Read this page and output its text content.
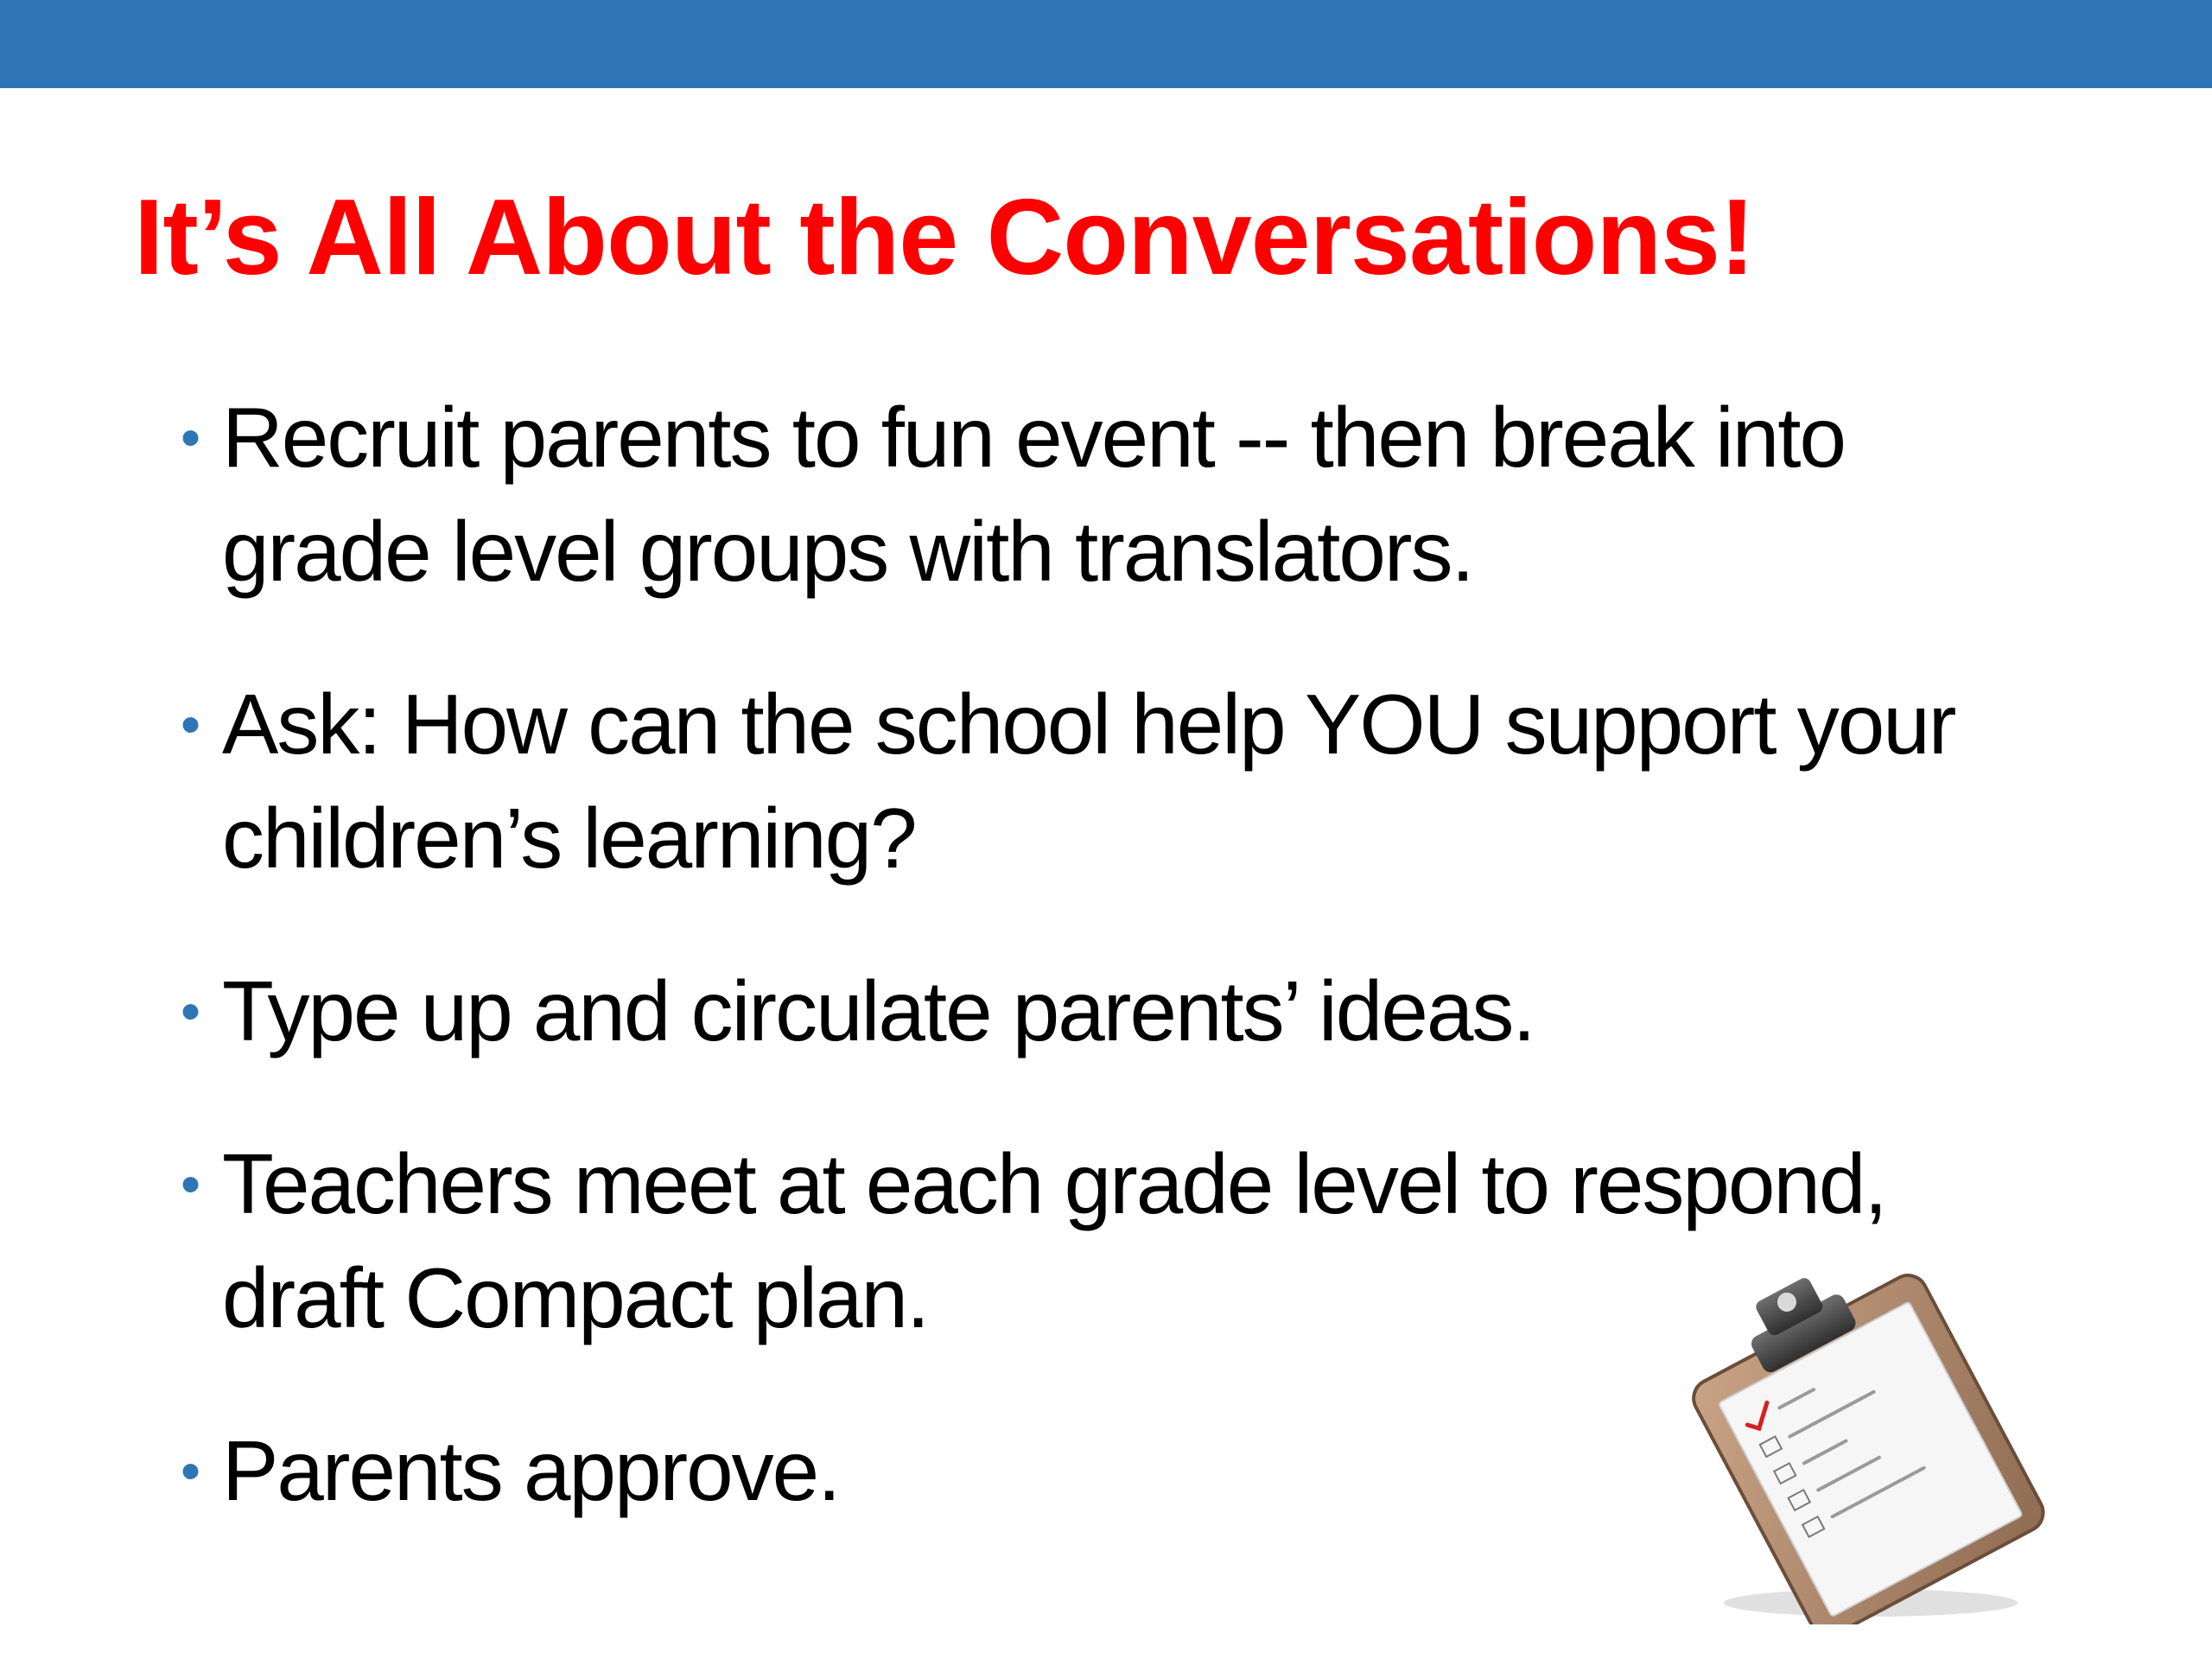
It’s All About the Conversations!
• Recruit parents to fun event -- then break into grade level groups with translators.
• Ask: How can the school help YOU support your children’s learning?
• Type up and circulate parents’ ideas.
• Teachers meet at each grade level to respond, draft Compact plan.
• Parents approve.
